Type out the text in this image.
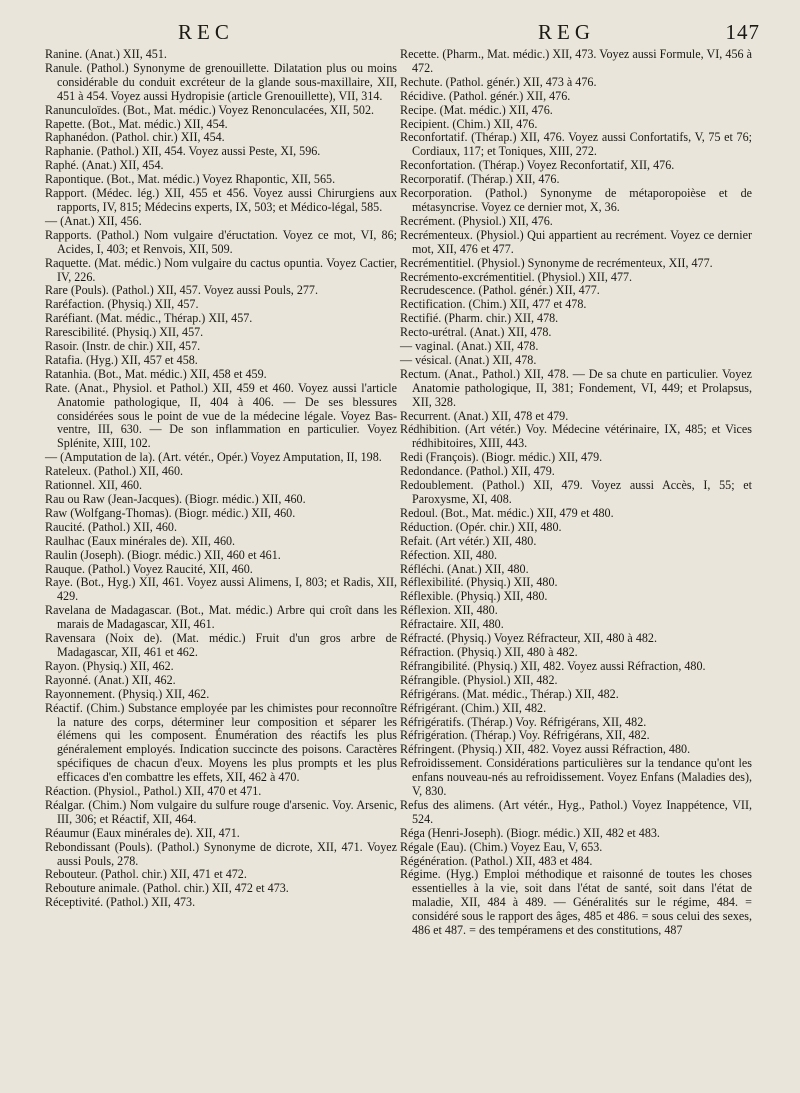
REC	REG	147

Ranine. (Anat.) XII, 451.

Ranule. (Pathol.) Synonyme de grenouillette. Dilatation plus ou moins considérable du conduit excréteur de la glande sous-maxillaire, XII, 451 à 454. Voyez aussi Hydropisie (article Grenouillette), VII, 314.

Ranunculoïdes. (Bot., Mat. médic.) Voyez Renonculacées, XII, 502.

Rapette. (Bot., Mat. médic.) XII, 454.

Raphanédon. (Pathol. chir.) XII, 454.

Raphanie. (Pathol.) XII, 454. Voyez aussi Peste, XI, 596.

Raphé. (Anat.) XII, 454.

Rapontique. (Bot., Mat. médic.) Voyez Rhapontic, XII, 565.

Rapport. (Médec. lég.) XII, 455 et 456. Voyez aussi Chirurgiens aux rapports, IV, 815; Médecins experts, IX, 503; et Médico-légal, 585.

— (Anat.) XII, 456.

Rapports. (Pathol.) Nom vulgaire d'éructation. Voyez ce mot, VI, 86; Acides, I, 403; et Renvois, XII, 509.

Raquette. (Mat. médic.) Nom vulgaire du cactus opuntia. Voyez Cactier, IV, 226.

Rare (Pouls). (Pathol.) XII, 457. Voyez aussi Pouls, 277.

Raréfaction. (Physiq.) XII, 457.

Raréfiant. (Mat. médic., Thérap.) XII, 457.

Rarescibilité. (Physiq.) XII, 457.

Rasoir. (Instr. de chir.) XII, 457.

Ratafia. (Hyg.) XII, 457 et 458.

Ratanhia. (Bot., Mat. médic.) XII, 458 et 459.

Rate. (Anat., Physiol. et Pathol.) XII, 459 et 460. Voyez aussi l'article Anatomie pathologique, II, 404 à 406. — De ses blessures considérées sous le point de vue de la médecine légale. Voyez Bas-ventre, III, 630. — De son inflammation en particulier. Voyez Splénite, XIII, 102.

— (Amputation de la). (Art. vétér., Opér.) Voyez Amputation, II, 198.

Rateleux. (Pathol.) XII, 460.

Rationnel. XII, 460.

Rau ou Raw (Jean-Jacques). (Biogr. médic.) XII, 460.

Raw (Wolfgang-Thomas). (Biogr. médic.) XII, 460.

Raucité. (Pathol.) XII, 460.

Raulhac (Eaux minérales de). XII, 460.

Raulin (Joseph). (Biogr. médic.) XII, 460 et 461.

Rauque. (Pathol.) Voyez Raucité, XII, 460.

Raye. (Bot., Hyg.) XII, 461. Voyez aussi Alimens, I, 803; et Radis, XII, 429.

Ravelana de Madagascar. (Bot., Mat. médic.) Arbre qui croît dans les marais de Madagascar, XII, 461.

Ravensara (Noix de). (Mat. médic.) Fruit d'un gros arbre de Madagascar, XII, 461 et 462.

Rayon. (Physiq.) XII, 462.

Rayonné. (Anat.) XII, 462.

Rayonnement. (Physiq.) XII, 462.

Réactif. (Chim.) Substance employée par les chimistes pour reconnoître la nature des corps, déterminer leur composition et séparer les élémens qui les composent. Énumération des réactifs les plus généralement employés. Indication succincte des poisons. Caractères spécifiques de chacun d'eux. Moyens les plus prompts et les plus efficaces d'en combattre les effets, XII, 462 à 470.

Réaction. (Physiol., Pathol.) XII, 470 et 471.

Réalgar. (Chim.) Nom vulgaire du sulfure rouge d'arsenic. Voy. Arsenic, III, 306; et Réactif, XII, 464.

Réaumur (Eaux minérales de). XII, 471.

Rebondissant (Pouls). (Pathol.) Synonyme de dicrote, XII, 471. Voyez aussi Pouls, 278.

Rebouteur. (Pathol. chir.) XII, 471 et 472.

Rebouture animale. (Pathol. chir.) XII, 472 et 473.

Réceptivité. (Pathol.) XII, 473.

Recette. (Pharm., Mat. médic.) XII, 473. Voyez aussi Formule, VI, 456 à 472.

Rechute. (Pathol. génér.) XII, 473 à 476.

Récidive. (Pathol. génér.) XII, 476.

Recipe. (Mat. médic.) XII, 476.

Recipient. (Chim.) XII, 476.

Reconfortatif. (Thérap.) XII, 476. Voyez aussi Confortatifs, V, 75 et 76; Cordiaux, 117; et Toniques, XIII, 272.

Reconfortation. (Thérap.) Voyez Reconfortatif, XII, 476.

Recorporatif. (Thérap.) XII, 476.

Recorporation. (Pathol.) Synonyme de métaporopoièse et de métasyncrise. Voyez ce dernier mot, X, 36.

Recrément. (Physiol.) XII, 476.

Recrémenteux. (Physiol.) Qui appartient au recrément. Voyez ce dernier mot, XII, 476 et 477.

Recrémentitiel. (Physiol.) Synonyme de recrémenteux, XII, 477.

Recrémento-excrémentitiel. (Physiol.) XII, 477.

Recrudescence. (Pathol. génér.) XII, 477.

Rectification. (Chim.) XII, 477 et 478.

Rectifié. (Pharm. chir.) XII, 478.

Recto-urétral. (Anat.) XII, 478.

— vaginal. (Anat.) XII, 478.

— vésical. (Anat.) XII, 478.

Rectum. (Anat., Pathol.) XII, 478. — De sa chute en particulier. Voyez Anatomie pathologique, II, 381; Fondement, VI, 449; et Prolapsus, XII, 328.

Recurrent. (Anat.) XII, 478 et 479.

Rédhibition. (Art vétér.) Voy. Médecine vétérinaire, IX, 485; et Vices rédhibitoires, XIII, 443.

Redi (François). (Biogr. médic.) XII, 479.

Redondance. (Pathol.) XII, 479.

Redoublement. (Pathol.) XII, 479. Voyez aussi Accès, I, 55; et Paroxysme, XI, 408.

Redoul. (Bot., Mat. médic.) XII, 479 et 480.

Réduction. (Opér. chir.) XII, 480.

Refait. (Art vétér.) XII, 480.

Réfection. XII, 480.

Réfléchi. (Anat.) XII, 480.

Réflexibilité. (Physiq.) XII, 480.

Réflexible. (Physiq.) XII, 480.

Réflexion. XII, 480.

Réfractaire. XII, 480.

Réfracté. (Physiq.) Voyez Réfracteur, XII, 480 à 482.

Réfraction. (Physiq.) XII, 480 à 482.

Réfrangibilité. (Physiq.) XII, 482. Voyez aussi Réfraction, 480.

Réfrangible. (Physiol.) XII, 482.

Réfrigérans. (Mat. médic., Thérap.) XII, 482.

Réfrigérant. (Chim.) XII, 482.

Réfrigératifs. (Thérap.) Voy. Réfrigérans, XII, 482.

Réfrigération. (Thérap.) Voy. Réfrigérans, XII, 482.

Réfringent. (Physiq.) XII, 482. Voyez aussi Réfraction, 480.

Refroidissement. Considérations particulières sur la tendance qu'ont les enfans nouveau-nés au refroidissement. Voyez Enfans (Maladies des), V, 830.

Refus des alimens. (Art vétér., Hyg., Pathol.) Voyez Inappétence, VII, 524.

Réga (Henri-Joseph). (Biogr. médic.) XII, 482 et 483.

Régale (Eau). (Chim.) Voyez Eau, V, 653.

Régénération. (Pathol.) XII, 483 et 484.

Régime. (Hyg.) Emploi méthodique et raisonné de toutes les choses essentielles à la vie, soit dans l'état de santé, soit dans l'état de maladie, XII, 484 à 489. — Généralités sur le régime, 484. = considéré sous le rapport des âges, 485 et 486. = sous celui des sexes, 486 et 487. = des tempéramens et des constitutions, 487
